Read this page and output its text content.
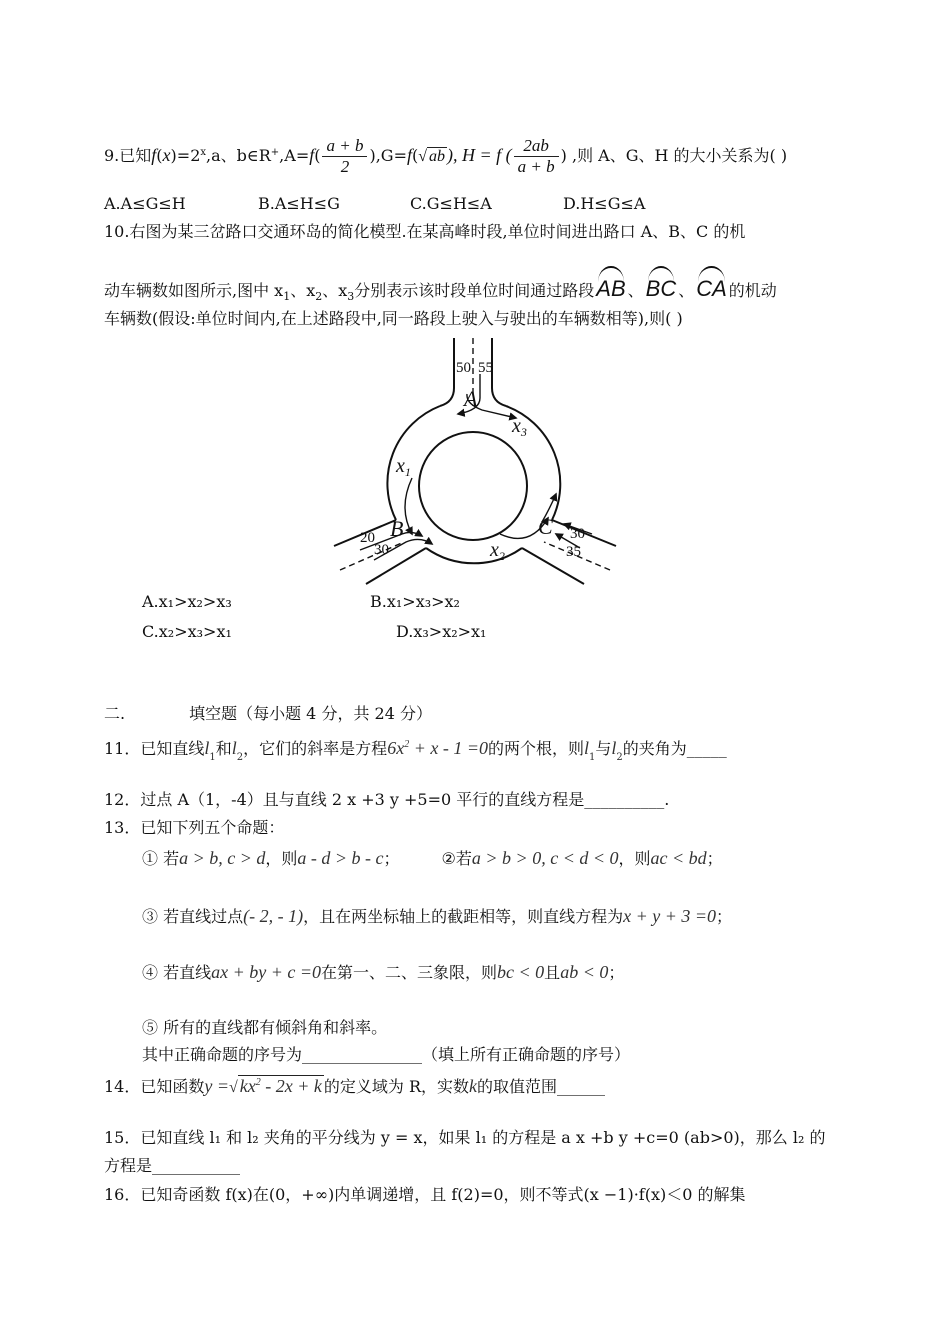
9.已知$f(x)=2^x,a$、b∈R+,A=f( $\frac{a + b}{2} ),G=f(√$ ab ), H = f ( $\frac{2ab}{a + b}$ ) ,则 A、G、H 的大小关系为( )
A.A≤G≤H	B.A≤H≤G	C.G≤H≤A	D.H≤G≤A
10.右图为某三岔路口交通环岛的简化模型.在某高峰时段,单位时间进出路口 A、B、C 的机
动车辆数如图所示,图中 $x_1$、$x_2$、$x_3$分别表示该时段单位时间通过路段AB 、BC 、CA 的机动
车辆数(假设:单位时间内,在上述路段中,同一路段上驶入与驶出的车辆数相等),则( )
50 55
A
$x_3$
$x_1$
20 B
30	$x_2$
C 30
35
A.x₁>x₂>x₃	B.x₁>x₃>x₂
C.x₂>x₃>x₁	D.x₃>x₂>x₁
二.	填空题（每小题 4 分，共 24 分）
11．已知直线$l_1$和$l_2$，它们的斜率是方程$6x^2 + x - 1 =0$的两个根，则$l_1$与$l_2$的夹角为_____
12．过点 A（1，-4）且与直线 2 x +3 y +5=0 平行的直线方程是__________.
13．已知下列五个命题：
① 若a > b, c > d，则a - d > b - c；	②若a > b > 0, c < d < 0，则ac < bd；
③ 若直线过点(- 2, - 1)，且在两坐标轴上的截距相等，则直线方程为x + y + 3 =0；
④ 若直线ax + by + c =0在第一、二、三象限，则bc < 0且ab < 0；
⑤ 所有的直线都有倾斜角和斜率。
其中正确命题的序号为_______________（填上所有正确命题的序号）
14．已知函数y =√ $kx^2 - 2x + k$ 的定义域为 R，实数k的取值范围______
15．已知直线 l₁ 和 l₂ 夹角的平分线为 y = x，如果 l₁ 的方程是 a x +b y +c=0 (ab>0)，那么 l₂ 的
方程是___________
16．已知奇函数 f(x)在(0，+∞)内单调递增，且 f(2)=0，则不等式(x −1)·f(x)＜0 的解集
